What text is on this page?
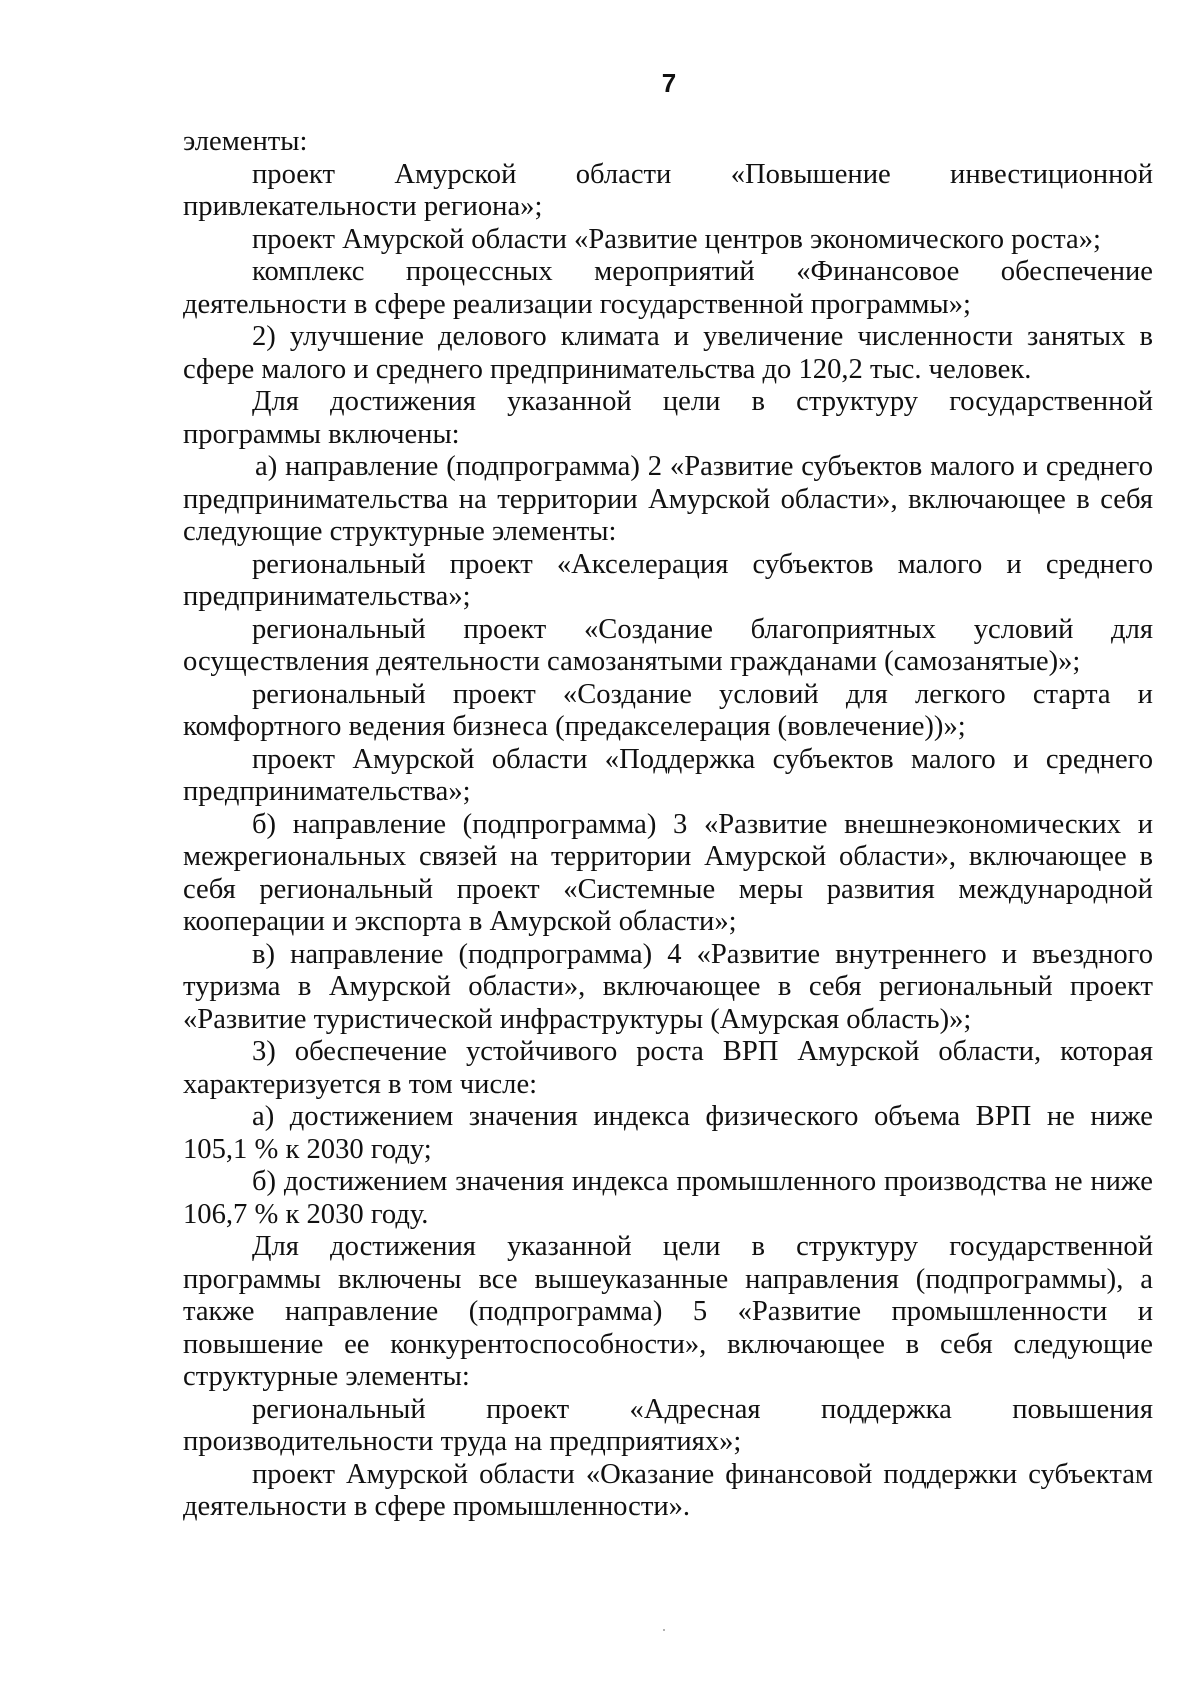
7

элементы:

проект Амурской области «Повышение инвестиционной привлекательности региона»;

проект Амурской области «Развитие центров экономического роста»;

комплекс процессных мероприятий «Финансовое обеспечение деятельности в сфере реализации государственной программы»;

2) улучшение делового климата и увеличение численности занятых в сфере малого и среднего предпринимательства до 120,2 тыс. человек.

Для достижения указанной цели в структуру государственной программы включены:

а) направление (подпрограмма) 2 «Развитие субъектов малого и среднего предпринимательства на территории Амурской области», включающее в себя следующие структурные элементы:

региональный проект «Акселерация субъектов малого и среднего предпринимательства»;

региональный проект «Создание благоприятных условий для осуществления деятельности самозанятыми гражданами (самозанятые)»;

региональный проект «Создание условий для легкого старта и комфортного ведения бизнеса (предакселерация (вовлечение))»;

проект Амурской области «Поддержка субъектов малого и среднего предпринимательства»;

б) направление (подпрограмма) 3 «Развитие внешнеэкономических и межрегиональных связей на территории Амурской области», включающее в себя региональный проект «Системные меры развития международной кооперации и экспорта в Амурской области»;

в) направление (подпрограмма) 4 «Развитие внутреннего и въездного туризма в Амурской области», включающее в себя региональный проект «Развитие туристической инфраструктуры (Амурская область)»;

3) обеспечение устойчивого роста ВРП Амурской области, которая характеризуется в том числе:

а) достижением значения индекса физического объема ВРП не ниже 105,1 % к 2030 году;

б) достижением значения индекса промышленного производства не ниже 106,7 % к 2030 году.

Для достижения указанной цели в структуру государственной программы включены все вышеуказанные направления (подпрограммы), а также направление (подпрограмма) 5 «Развитие промышленности и повышение ее конкурентоспособности», включающее в себя следующие структурные элементы:

региональный проект «Адресная поддержка повышения производительности труда на предприятиях»;

проект Амурской области «Оказание финансовой поддержки субъектам деятельности в сфере промышленности».
